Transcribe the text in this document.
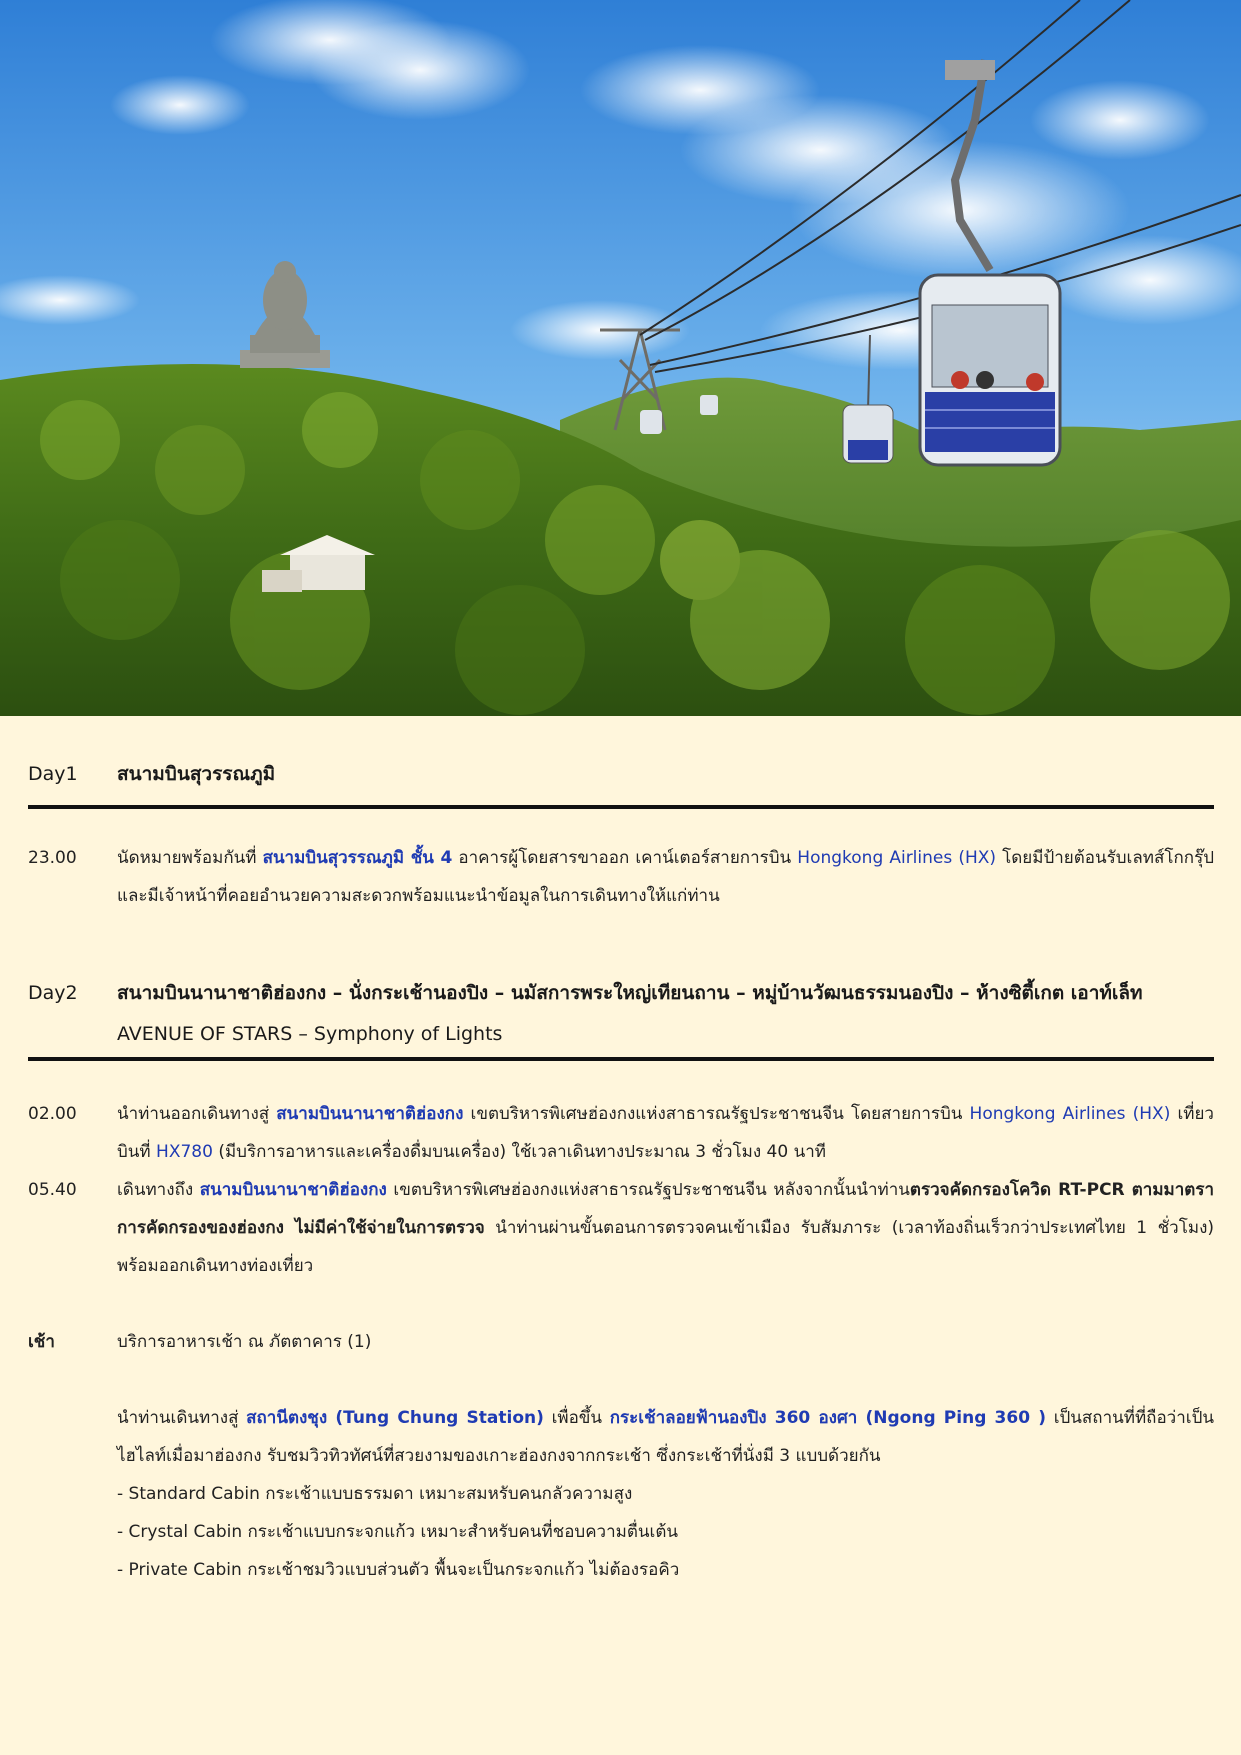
Day1	สนามบินสุวรรณภูมิ
23.00	นัดหมายพร้อมกันที่ สนามบินสุวรรณภูมิ ชั้น 4 อาคารผู้โดยสารขาออก เคาน์เตอร์สายการบิน Hongkong Airlines (HX) โดยมีป้ายต้อนรับเลทส์โกกรุ๊ป และมีเจ้าหน้าที่คอยอำนวยความสะดวกพร้อมแนะนำข้อมูลในการเดินทางให้แก่ท่าน
Day2	สนามบินนานาชาติฮ่องกง – นั่งกระเช้านองปิง – นมัสการพระใหญ่เทียนถาน – หมู่บ้านวัฒนธรรมนองปิง – ห้างซิตี้เกต เอาท์เล็ท
AVENUE OF STARS – Symphony of Lights
02.00	นำท่านออกเดินทางสู่ สนามบินนานาชาติฮ่องกง เขตบริหารพิเศษฮ่องกงแห่งสาธารณรัฐประชาชนจีน โดยสายการบิน Hongkong Airlines (HX) เที่ยวบินที่ HX780 (มีบริการอาหารและเครื่องดื่มบนเครื่อง) ใช้เวลาเดินทางประมาณ 3 ชั่วโมง 40 นาที
05.40	เดินทางถึง สนามบินนานาชาติฮ่องกง เขตบริหารพิเศษฮ่องกงแห่งสาธารณรัฐประชาชนจีน หลังจากนั้นนำท่านตรวจคัดกรองโควิด RT-PCR ตามมาตราการคัดกรองของฮ่องกง ไม่มีค่าใช้จ่ายในการตรวจ นำท่านผ่านขั้นตอนการตรวจคนเข้าเมือง รับสัมภาระ (เวลาท้องถิ่นเร็วกว่าประเทศไทย 1 ชั่วโมง) พร้อมออกเดินทางท่องเที่ยว
เช้า	บริการอาหารเช้า ณ ภัตตาคาร (1)

นำท่านเดินทางสู่ สถานีตงชุง (Tung Chung Station) เพื่อขึ้น กระเช้าลอยฟ้านองปิง 360 องศา (Ngong Ping 360 ) เป็นสถานที่ที่ถือว่าเป็นไฮไลท์เมื่อมาฮ่องกง รับชมวิวทิวทัศน์ที่สวยงามของเกาะฮ่องกงจากกระเช้า ซึ่งกระเช้าที่นั่งมี 3 แบบด้วยกัน

- Standard Cabin กระเช้าแบบธรรมดา เหมาะสมหรับคนกลัวความสูง

- Crystal Cabin กระเช้าแบบกระจกแก้ว เหมาะสำหรับคนที่ชอบความตื่นเต้น

- Private Cabin กระเช้าชมวิวแบบส่วนตัว พื้นจะเป็นกระจกแก้ว ไม่ต้องรอคิว
